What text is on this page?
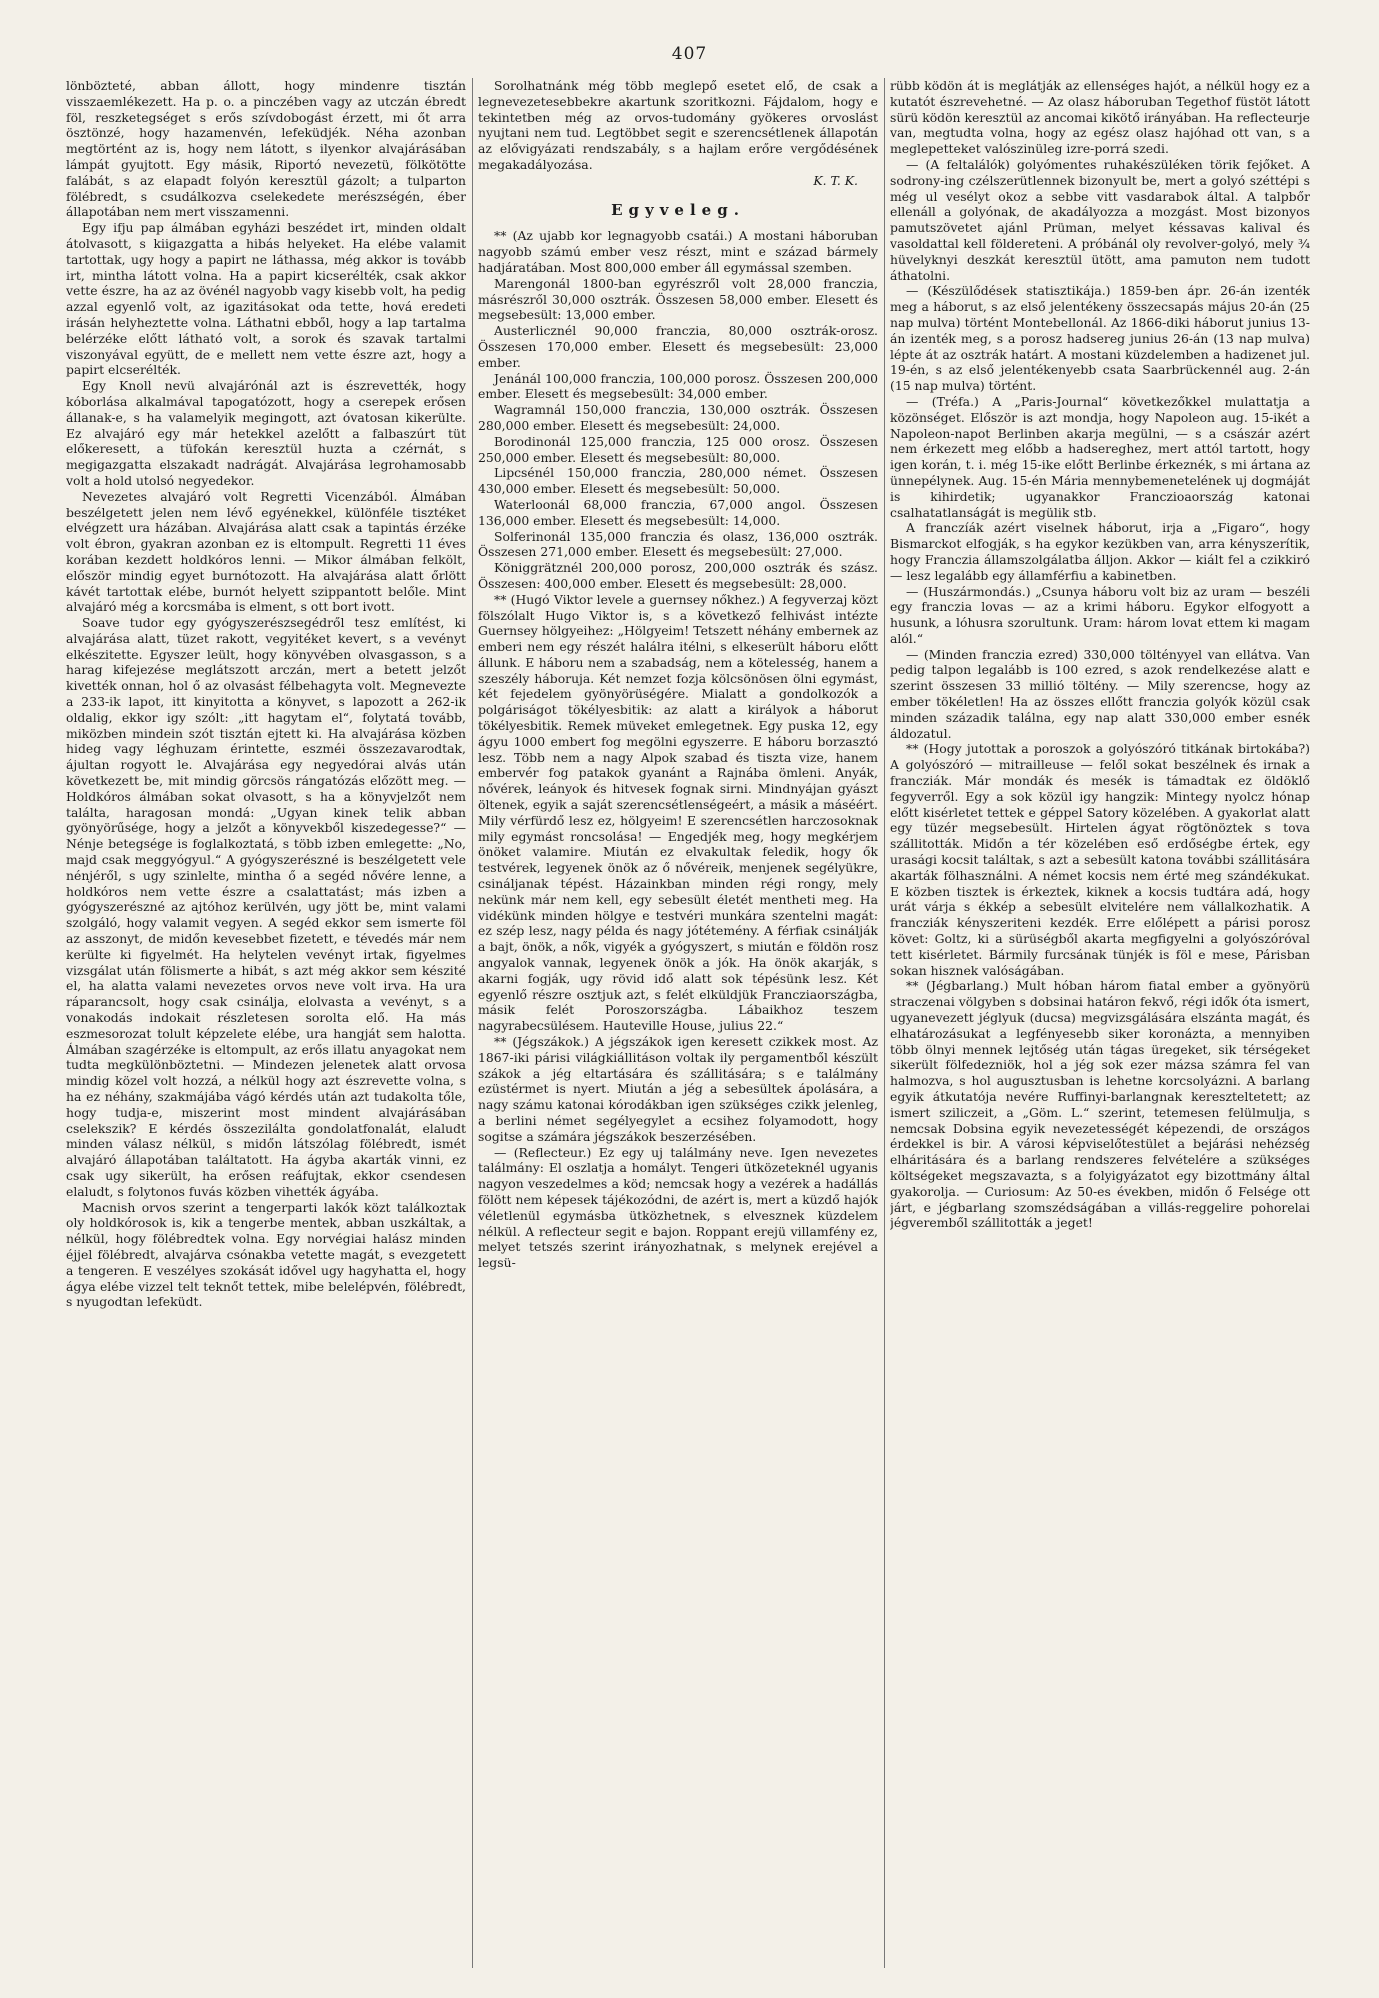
407

lönbözteté, abban állott, hogy mindenre tisztán visszaemlékezett. Ha p. o. a pinczében vagy az utczán ébredt föl, reszketegséget s erős szívdobogást érzett, mi őt arra ösztönzé, hogy hazamenvén, lefeküdjék. Néha azonban megtörtént az is, hogy nem látott, s ilyenkor alvajárásában lámpát gyujtott. Egy másik, Riportó nevezetü, fölkötötte falábát, s az elapadt folyón keresztül gázolt; a tulparton fölébredt, s csudálkozva cselekedete merészségén, éber állapotában nem mert visszamenni.

Egy ifju pap álmában egyházi beszédet irt, minden oldalt átolvasott, s kiigazgatta a hibás helyeket. Ha elébe valamit tartottak, ugy hogy a papirt ne láthassa, még akkor is tovább irt, mintha látott volna. Ha a papirt kicserélték, csak akkor vette észre, ha az az övénél nagyobb vagy kisebb volt, ha pedig azzal egyenlő volt, az igazitásokat oda tette, hová eredeti irásán helyheztette volna. Láthatni ebből, hogy a lap tartalma belérzéke előtt látható volt, a sorok és szavak tartalmi viszonyával együtt, de e mellett nem vette észre azt, hogy a papirt elcserélték.

Egy Knoll nevü alvajárónál azt is észrevették, hogy kóborlása alkalmával tapogatózott, hogy a cserepek erősen állanak-e, s ha valamelyik megingott, azt óvatosan kikerülte. Ez alvajáró egy már hetekkel azelőtt a falbaszúrt tüt előkeresett, a tüfokán keresztül huzta a czérnát, s megigazgatta elszakadt nadrágát. Alvajárása legrohamosabb volt a hold utolsó negyedekor.

Nevezetes alvajáró volt Regretti Vicenzából. Álmában beszélgetett jelen nem lévő egyénekkel, különféle tisztéket elvégzett ura házában. Alvajárása alatt csak a tapintás érzéke volt ébron, gyakran azonban ez is eltompult. Regretti 11 éves korában kezdett holdkóros lenni. — Mikor álmában felkölt, először mindig egyet burnótozott. Ha alvajárása alatt őrlött kávét tartottak elébe, burnót helyett szippantott belőle. Mint alvajáró még a korcsmába is elment, s ott bort ivott.

Soave tudor egy gyógyszerészsegédről tesz említést, ki alvajárása alatt, tüzet rakott, vegyitéket kevert, s a vevényt elkészitette. Egyszer leült, hogy könyvében olvasgasson, s a harag kifejezése meglátszott arczán, mert a betett jelzőt kivették onnan, hol ő az olvasást félbehagyta volt. Megnevezte a 233-ik lapot, itt kinyitotta a könyvet, s lapozott a 262-ik oldalig, ekkor igy szólt: „itt hagytam el“, folytatá tovább, miközben mindein szót tisztán ejtett ki. Ha alvajárása közben hideg vagy léghuzam érintette, eszméi összezavarodtak, ájultan rogyott le. Alvajárása egy negyedórai alvás után következett be, mit mindig görcsös rángatózás előzött meg. — Holdkóros álmában sokat olvasott, s ha a könyvjelzőt nem találta, haragosan mondá: „Ugyan kinek telik abban gyönyörűsége, hogy a jelzőt a könyvekből kiszedegesse?“ — Nénje betegsége is foglalkoztatá, s több izben emlegette: „No, majd csak meggyógyul.“ A gyógyszerészné is beszélgetett vele nénjéről, s ugy szinlelte, mintha ő a segéd nővére lenne, a holdkóros nem vette észre a csalattatást; más izben a gyógyszerészné az ajtóhoz kerülvén, ugy jött be, mint valami szolgáló, hogy valamit vegyen. A segéd ekkor sem ismerte föl az asszonyt, de midőn kevesebbet fizetett, e tévedés már nem kerülte ki figyelmét. Ha helytelen vevényt irtak, figyelmes vizsgálat után fölismerte a hibát, s azt még akkor sem készité el, ha alatta valami nevezetes orvos neve volt irva. Ha ura ráparancsolt, hogy csak csinálja, elolvasta a vevényt, s a vonakodás indokait részletesen sorolta elő. Ha más eszmesorozat tolult képzelete elébe, ura hangját sem halotta. Álmában szagérzéke is eltompult, az erős illatu anyagokat nem tudta megkülönböztetni. — Mindezen jelenetek alatt orvosa mindig közel volt hozzá, a nélkül hogy azt észrevette volna, s ha ez néhány, szakmájába vágó kérdés után azt tudakolta tőle, hogy tudja-e, miszerint most mindent alvajárásában cselekszik? E kérdés összezilálta gondolatfonalát, elaludt minden válasz nélkül, s midőn látszólag fölébredt, ismét alvajáró állapotában találtatott. Ha ágyba akarták vinni, ez csak ugy sikerült, ha erősen reáfujtak, ekkor csendesen elaludt, s folytonos fuvás közben vihették ágyába.

Macnish orvos szerint a tengerparti lakók közt találkoztak oly holdkórosok is, kik a tengerbe mentek, abban uszkáltak, a nélkül, hogy fölébredtek volna. Egy norvégiai halász minden éjjel fölébredt, alvajárva csónakba vetette magát, s evezgetett a tengeren. E veszélyes szokását idővel ugy hagyhatta el, hogy ágya elébe vizzel telt teknőt tettek, mibe belelépvén, fölébredt, s nyugodtan lefeküdt.

Sorolhatnánk még több meglepő esetet elő, de csak a legnevezetesebbekre akartunk szoritkozni. Fájdalom, hogy e tekintetben még az orvos-tudomány gyökeres orvoslást nyujtani nem tud. Legtöbbet segit e szerencsétlenek állapotán az elővigyázati rendszabály, s a hajlam erőre vergődésének megakadályozása.

K. T. K.

Egyveleg.

** (Az ujabb kor legnagyobb csatái.) A mostani háboruban nagyobb számú ember vesz részt, mint e század bármely hadjáratában. Most 800,000 ember áll egymással szemben.

Marengonál 1800-ban egyrészről volt 28,000 franczia, másrészről 30,000 osztrák. Összesen 58,000 ember. Elesett és megsebesült: 13,000 ember.

Austerlicznél 90,000 franczia, 80,000 osztrák-orosz. Összesen 170,000 ember. Elesett és megsebesült: 23,000 ember.

Jenánál 100,000 franczia, 100,000 porosz. Összesen 200,000 ember. Elesett és megsebesült: 34,000 ember.

Wagramnál 150,000 franczia, 130,000 osztrák. Összesen 280,000 ember. Elesett és megsebesült: 24,000.

Borodinonál 125,000 franczia, 125 000 orosz. Összesen 250,000 ember. Elesett és megsebesült: 80,000.

Lipcsénél 150,000 franczia, 280,000 német. Összesen 430,000 ember. Elesett és megsebesült: 50,000.

Waterloonál 68,000 franczia, 67,000 angol. Összesen 136,000 ember. Elesett és megsebesült: 14,000.

Solferinonál 135,000 franczia és olasz, 136,000 osztrák. Összesen 271,000 ember. Elesett és megsebesült: 27,000.

Königgrätznél 200,000 porosz, 200,000 osztrák és szász. Összesen: 400,000 ember. Elesett és megsebesült: 28,000.

** (Hugó Viktor levele a guernsey nőkhez.) A fegyverzaj közt fölszólalt Hugo Viktor is, s a következő felhivást intézte Guernsey hölgyeihez: „Hölgyeim! Tetszett néhány embernek az emberi nem egy részét halálra itélni, s elkeserült háboru előtt állunk. E háboru nem a szabadság, nem a kötelesség, hanem a szeszély háboruja. Két nemzet fozja kölcsönösen ölni egymást, két fejedelem gyönyörüségére. Mialatt a gondolkozók a polgáriságot tökélyesbitik: az alatt a királyok a háborut tökélyesbitik. Remek müveket emlegetnek. Egy puska 12, egy ágyu 1000 embert fog megölni egyszerre. E háboru borzasztó lesz. Több nem a nagy Alpok szabad és tiszta vize, hanem embervér fog patakok gyanánt a Rajnába ömleni. Anyák, nővérek, leányok és hitvesek fognak sirni. Mindnyájan gyászt öltenek, egyik a saját szerencsétlenségeért, a másik a máséért. Mily vérfürdő lesz ez, hölgyeim! E szerencsétlen harczosoknak mily egymást roncsolása! — Engedjék meg, hogy megkérjem önöket valamire. Miután ez elvakultak feledik, hogy ők testvérek, legyenek önök az ő nővéreik, menjenek segélyükre, csináljanak tépést. Házainkban minden régi rongy, mely nekünk már nem kell, egy sebesült életét mentheti meg. Ha vidékünk minden hölgye e testvéri munkára szentelni magát: ez szép lesz, nagy példa és nagy jótétemény. A férfiak csinálják a bajt, önök, a nők, vigyék a gyógyszert, s miután e földön rosz angyalok vannak, legyenek önök a jók. Ha önök akarják, s akarni fogják, ugy rövid idő alatt sok tépésünk lesz. Két egyenlő részre osztjuk azt, s felét elküldjük Francziaországba, másik felét Poroszországba. Lábaikhoz teszem nagyrabecsülésem. Hauteville House, julius 22.“

** (Jégszákok.) A jégszákok igen keresett czikkek most. Az 1867-iki párisi világkiállitáson voltak ily pergamentből készült szákok a jég eltartására és szállitására; s e találmány ezüstérmet is nyert. Miután a jég a sebesültek ápolására, a nagy számu katonai kórodákban igen szükséges czikk jelenleg, a berlini német segélyegylet a ecsihez folyamodott, hogy sogitse a számára jégszákok beszerzésében.

— (Reflecteur.) Ez egy uj találmány neve. Igen nevezetes találmány: El oszlatja a homályt. Tengeri ütközeteknél ugyanis nagyon veszedelmes a köd; nemcsak hogy a vezérek a hadállás fölött nem képesek tájékozódni, de azért is, mert a küzdő hajók véletlenül egymásba ütközhetnek, s elvesznek küzdelem nélkül. A reflecteur segit e bajon. Roppant erejü villamfény ez, melyet tetszés szerint irányozhatnak, s melynek erejével a legsü-

rübb ködön át is meglátják az ellenséges hajót, a nélkül hogy ez a kutatót észrevehetné. — Az olasz háboruban Tegethof füstöt látott sürü ködön keresztül az ancomai kikötő irányában. Ha reflecteurje van, megtudta volna, hogy az egész olasz hajóhad ott van, s a meglepetteket valószinüleg izre-porrá szedi.

— (A feltalálók) golyómentes ruhakészüléken törik fejőket. A sodrony-ing czélszerütlennek bizonyult be, mert a golyó széttépi s még ul vesélyt okoz a sebbe vitt vasdarabok által. A talpbőr ellenáll a golyónak, de akadályozza a mozgást. Most bizonyos pamutszövetet ajánl Prüman, melyet késsavas kalival és vasoldattal kell földereteni. A próbánál oly revolver-golyó, mely ¾ hüvelyknyi deszkát keresztül ütött, ama pamuton nem tudott áthatolni.

— (Készülődések statisztikája.) 1859-ben ápr. 26-án izenték meg a háborut, s az első jelentékeny összecsapás május 20-án (25 nap mulva) történt Montebellonál. Az 1866-diki háborut junius 13-án izenték meg, s a porosz hadsereg junius 26-án (13 nap mulva) lépte át az osztrák határt. A mostani küzdelemben a hadizenet jul. 19-én, s az első jelentékenyebb csata Saarbrückennél aug. 2-án (15 nap mulva) történt.

— (Tréfa.) A „Paris-Journal“ következőkkel mulattatja a közönséget. Először is azt mondja, hogy Napoleon aug. 15-ikét a Napoleon-napot Berlinben akarja megülni, — s a császár azért nem érkezett meg előbb a hadsereghez, mert attól tartott, hogy igen korán, t. i. még 15-ike előtt Berlinbe érkeznék, s mi ártana az ünnepélynek. Aug. 15-én Mária mennybemenetelének uj dogmáját is kihirdetik; ugyanakkor Franczioaország katonai csalhatatlanságát is megülik stb.

A franczíák azért viselnek háborut, irja a „Figaro“, hogy Bismarckot elfogják, s ha egykor kezükben van, arra kényszerítik, hogy Franczia államszolgálatba álljon. Akkor — kiált fel a czikkiró — lesz legalább egy államférfiu a kabinetben.

— (Huszármondás.) „Csunya háboru volt biz az uram — beszéli egy franczia lovas — az a krimi háboru. Egykor elfogyott a husunk, a lóhusra szorultunk. Uram: három lovat ettem ki magam alól.“

— (Minden franczia ezred) 330,000 töltényyel van ellátva. Van pedig talpon legalább is 100 ezred, s azok rendelkezése alatt e szerint összesen 33 millió töltény. — Mily szerencse, hogy az ember tökéletlen! Ha az összes ellőtt franczia golyók közül csak minden századik találna, egy nap alatt 330,000 ember esnék áldozatul.

** (Hogy jutottak a poroszok a golyószóró titkának birtokába?) A golyószóró — mitrailleuse — felől sokat beszélnek és irnak a francziák. Már mondák és mesék is támadtak ez öldöklő fegyverről. Egy a sok közül igy hangzik: Mintegy nyolcz hónap előtt kisérletet tettek e géppel Satory közelében. A gyakorlat alatt egy tüzér megsebesült. Hirtelen ágyat rögtönöztek s tova szállitották. Midőn a tér közelében eső erdőségbe értek, egy urasági kocsit találtak, s azt a sebesült katona további szállitására akarták fölhasználni. A német kocsis nem érté meg szándékukat. E közben tisztek is érkeztek, kiknek a kocsis tudtára adá, hogy urát várja s ékkép a sebesült elvitelére nem vállalkozhatik. A francziák kényszeriteni kezdék. Erre előlépett a párisi porosz követ: Goltz, ki a sürüségből akarta megfigyelni a golyószóróval tett kisérletet. Bármily furcsának tünjék is föl e mese, Párisban sokan hisznek valóságában.

** (Jégbarlang.) Mult hóban három fiatal ember a gyönyörü straczenai völgyben s dobsinai határon fekvő, régi idők óta ismert, ugyanevezett jéglyuk (ducsa) megvizsgálására elszánta magát, és elhatározásukat a legfényesebb siker koronázta, a mennyiben több ölnyi mennek lejtőség után tágas üregeket, sik térségeket sikerült fölfedezniök, hol a jég sok ezer mázsa számra fel van halmozva, s hol augusztusban is lehetne korcsolyázni. A barlang egyik átkutatója nevére Ruffinyi-barlangnak kereszteltetett; az ismert sziliczeit, a „Göm. L.“ szerint, tetemesen felülmulja, s nemcsak Dobsina egyik nevezetességét képezendi, de országos érdekkel is bir. A városi képviselőtestület a bejárási nehézség elháritására és a barlang rendszeres felvételére a szükséges költségeket megszavazta, s a folyigyázatot egy bizottmány által gyakorolja. — Curiosum: Az 50-es években, midőn ő Felsége ott járt, e jégbarlang szomszédságában a villás-reggelire pohorelai jégveremből szállitották a jeget!
